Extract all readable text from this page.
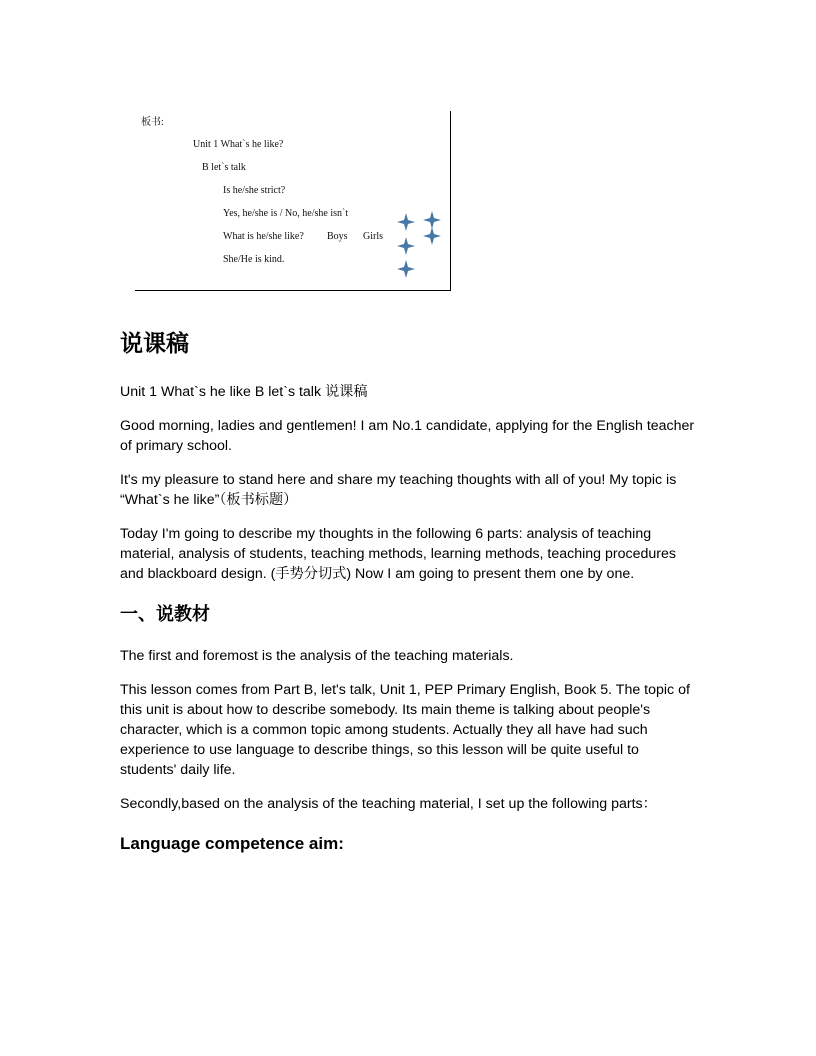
板书:
Unit 1 What`s he like?
B let`s talk
Is he/she strict?
Yes, he/she is / No, he/she isn`t
What is he/she like? Boys Girls
She/He is kind.
说课稿

Unit 1 What`s he like B let`s talk 说课稿

Good morning, ladies and gentlemen! I am No.1 candidate, applying for the English teacher of primary school.

It's my pleasure to stand here and share my teaching thoughts with all of you! My topic is “What`s he like”（板书标题）

Today I'm going to describe my thoughts in the following 6 parts: analysis of teaching material, analysis of students, teaching methods, learning methods, teaching procedures and blackboard design. (手势分切式) Now I am going to present them one by one.

一、说教材

The first and foremost is the analysis of the teaching materials.

This lesson comes from Part B, let's talk, Unit 1, PEP Primary English, Book 5. The topic of this unit is about how to describe somebody. Its main theme is talking about people's character, which is a common topic among students. Actually they all have had such experience to use language to describe things, so this lesson will be quite useful to students' daily life.

Secondly,based on the analysis of the teaching material, I set up the following parts：

Language competence aim:
